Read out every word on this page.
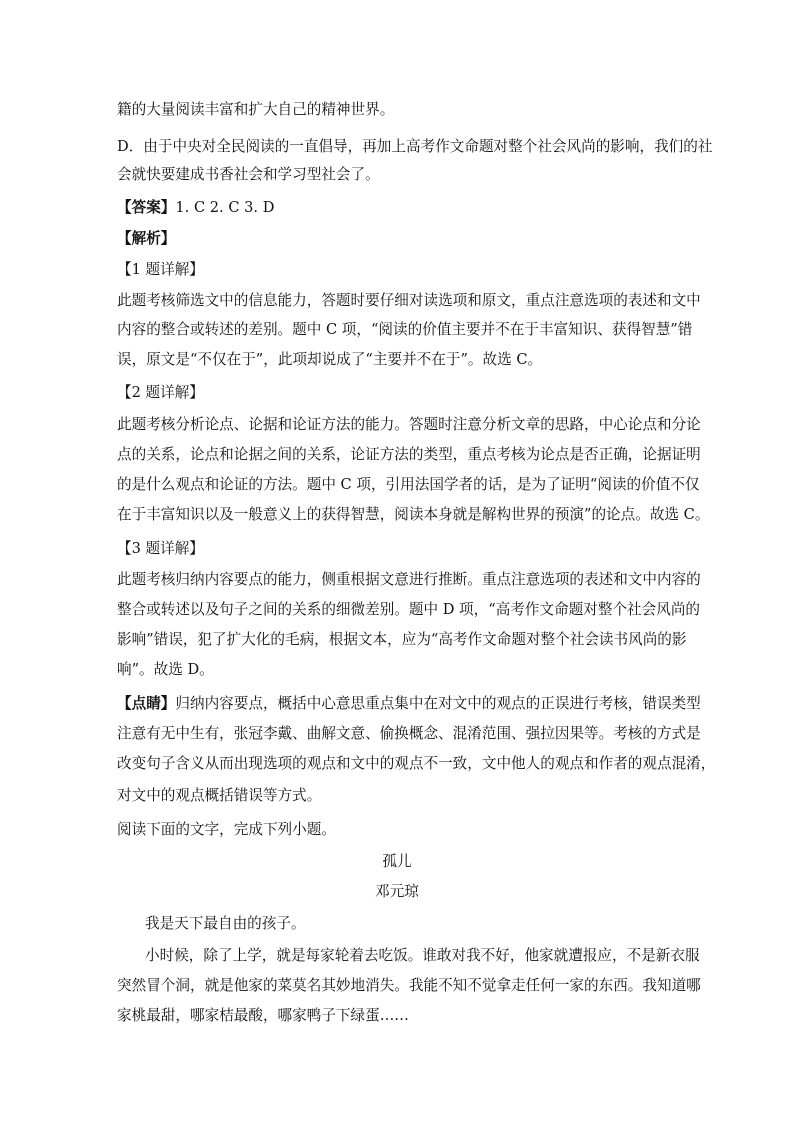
籍的大量阅读丰富和扩大自己的精神世界。
D．由于中央对全民阅读的一直倡导，再加上高考作文命题对整个社会风尚的影响，我们的社
会就快要建成书香社会和学习型社会了。
【答案】1. C 2. C 3. D
【解析】
【1 题详解】
此题考核筛选文中的信息能力，答题时要仔细对读选项和原文，重点注意选项的表述和文中
内容的整合或转述的差别。题中 C 项，“阅读的价值主要并不在于丰富知识、获得智慧”错
误，原文是“不仅在于”，此项却说成了“主要并不在于”。故选 C。
【2 题详解】
此题考核分析论点、论据和论证方法的能力。答题时注意分析文章的思路，中心论点和分论
点的关系，论点和论据之间的关系，论证方法的类型，重点考核为论点是否正确，论据证明
的是什么观点和论证的方法。题中 C 项，引用法国学者的话，是为了证明“阅读的价值不仅
在于丰富知识以及一般意义上的获得智慧，阅读本身就是解构世界的预演”的论点。故选 C。
【3 题详解】
此题考核归纳内容要点的能力，侧重根据文意进行推断。重点注意选项的表述和文中内容的
整合或转述以及句子之间的关系的细微差别。题中 D 项，“高考作文命题对整个社会风尚的
影响”错误，犯了扩大化的毛病，根据文本，应为“高考作文命题对整个社会读书风尚的影
响”。故选 D。
【点睛】归纳内容要点，概括中心意思重点集中在对文中的观点的正误进行考核，错误类型
注意有无中生有，张冠李戴、曲解文意、偷换概念、混淆范围、强拉因果等。考核的方式是
改变句子含义从而出现选项的观点和文中的观点不一致，文中他人的观点和作者的观点混淆，
对文中的观点概括错误等方式。
阅读下面的文字，完成下列小题。
孤儿
邓元琼
我是天下最自由的孩子。
小时候，除了上学，就是每家轮着去吃饭。谁敢对我不好，他家就遭报应，不是新衣服
突然冒个洞，就是他家的菜莫名其妙地消失。我能不知不觉拿走任何一家的东西。我知道哪
家桃最甜，哪家桔最酸，哪家鸭子下绿蛋……
